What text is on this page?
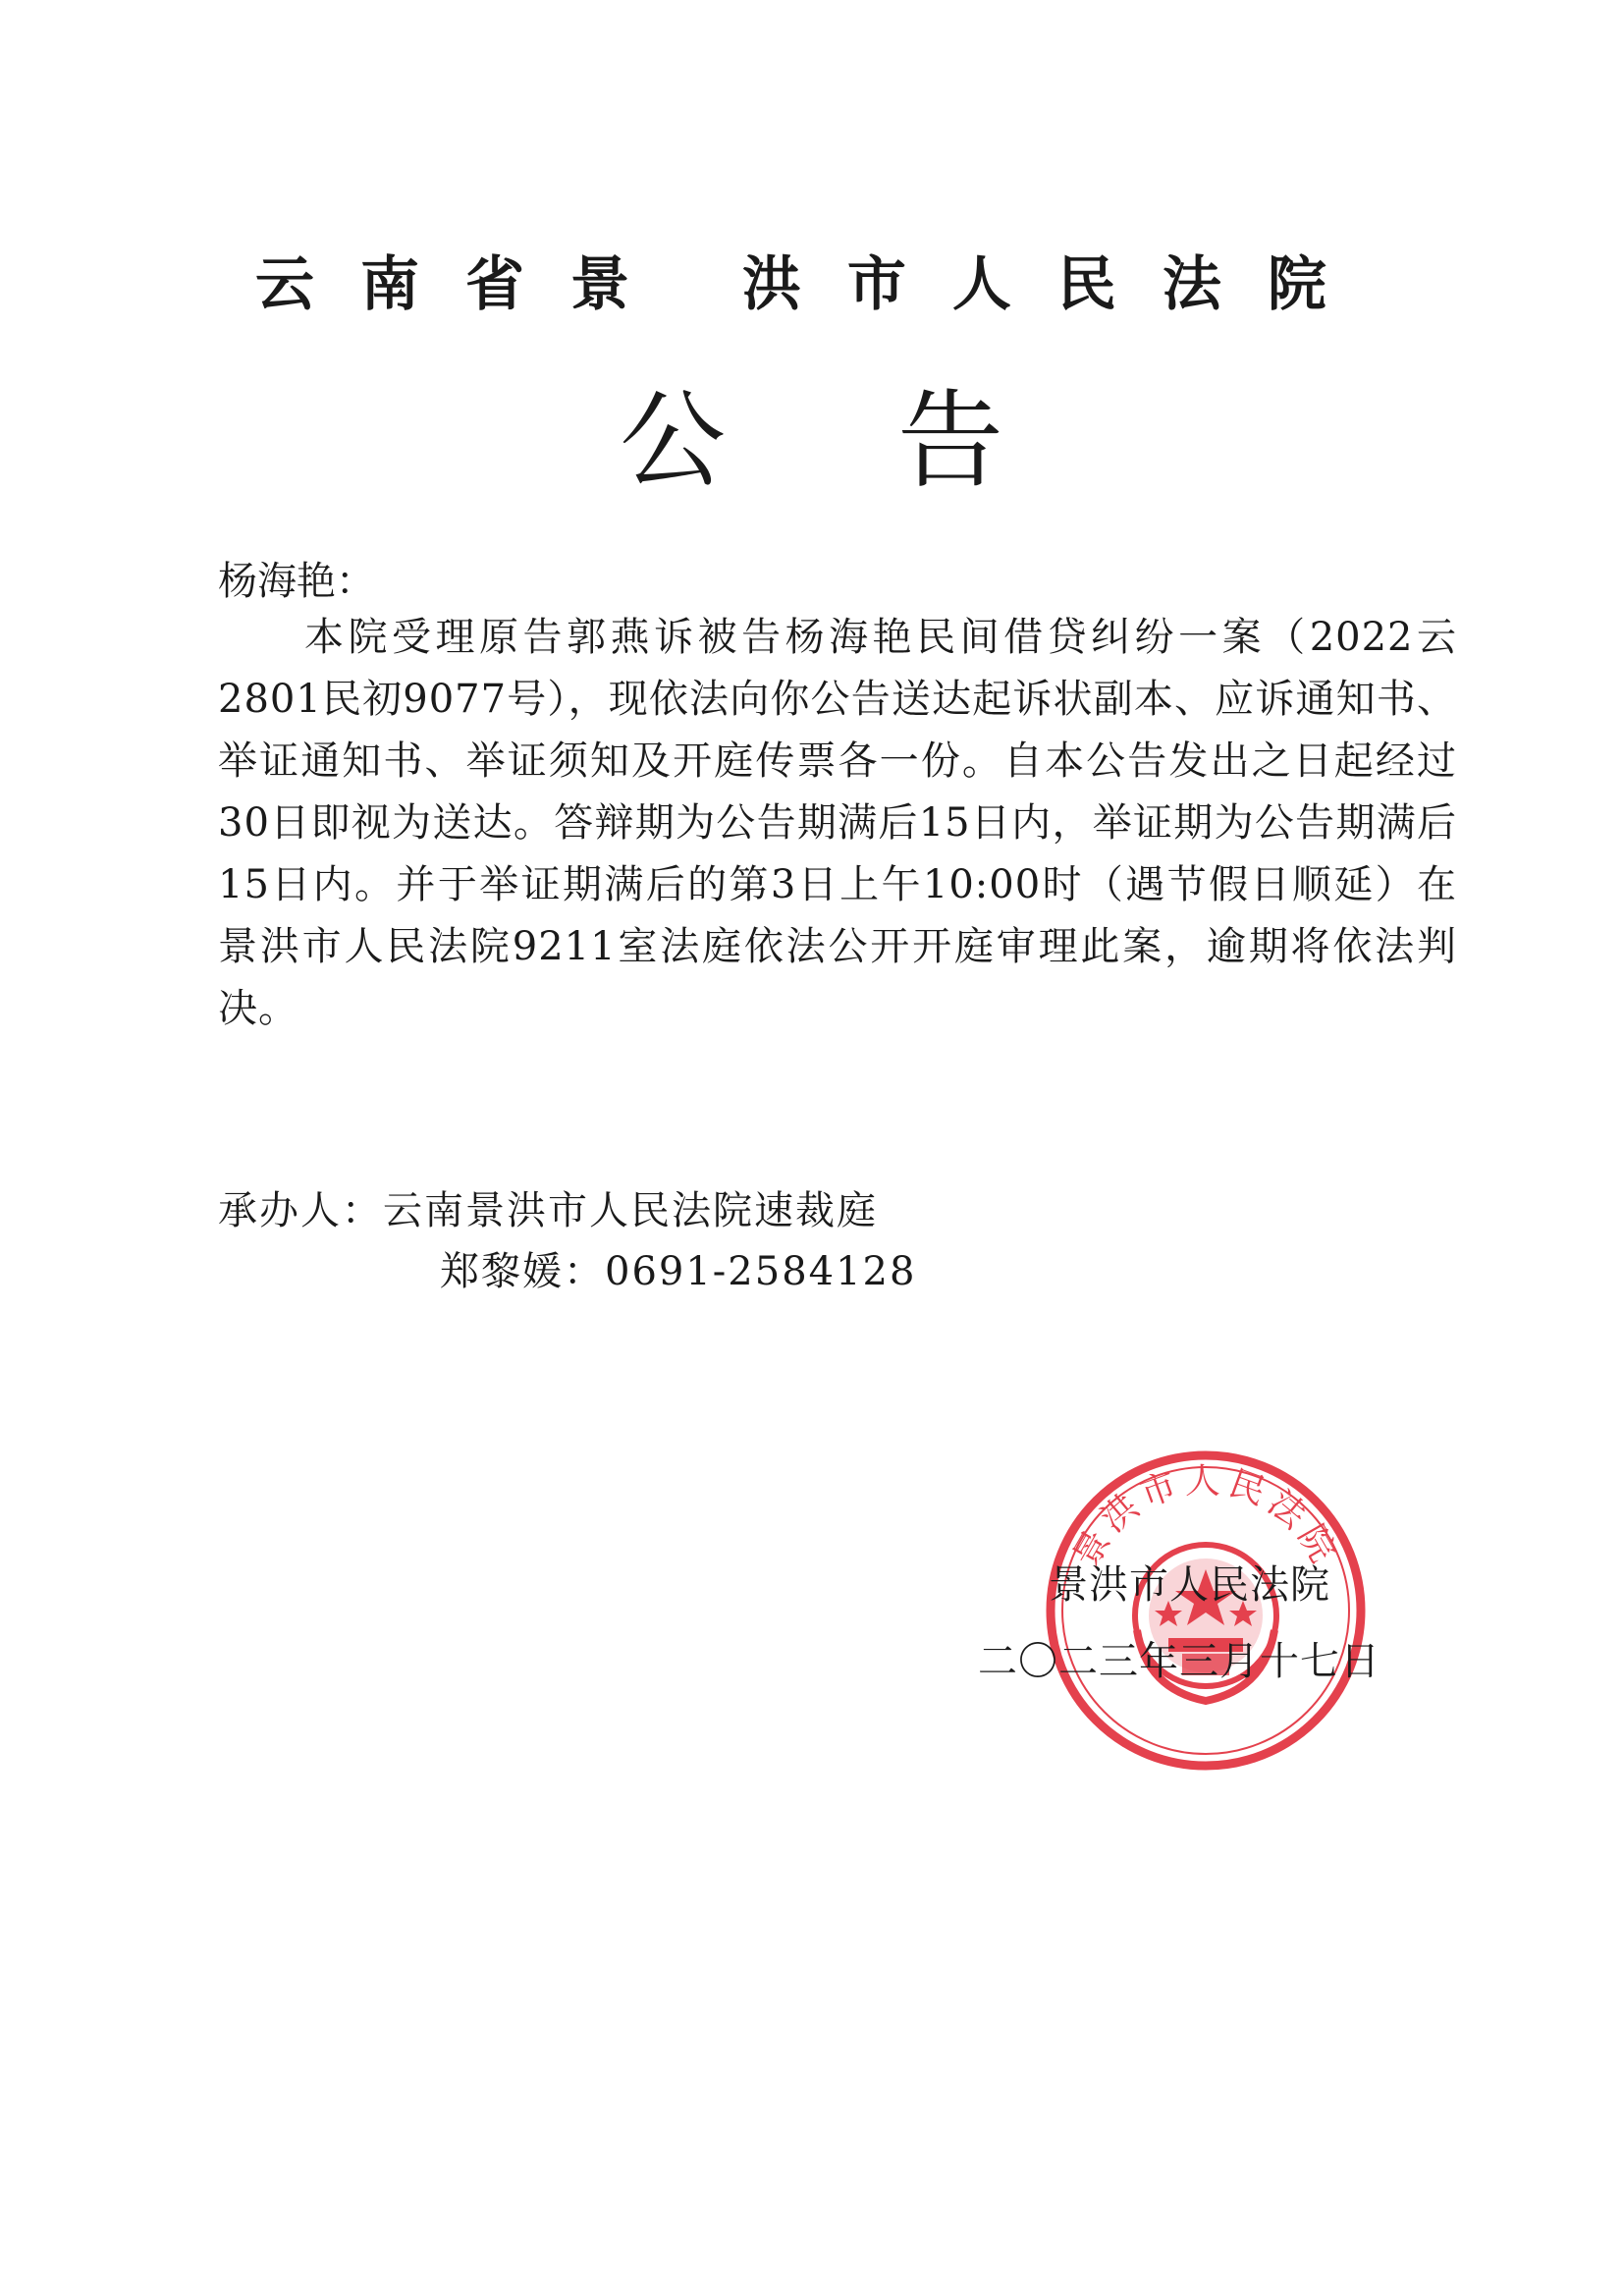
云南省景 洪市人民法院
公告
杨海艳：
本院受理原告郭燕诉被告杨海艳民间借贷纠纷一案（2022云2801民初9077号），现依法向你公告送达起诉状副本、应诉通知书、举证通知书、举证须知及开庭传票各一份。自本公告发出之日起经过30日即视为送达。答辩期为公告期满后15日内，举证期为公告期满后15日内。并于举证期满后的第3日上午10:00时（遇节假日顺延）在景洪市人民法院9211室法庭依法公开开庭审理此案，逾期将依法判决。
承办人：云南景洪市人民法院速裁庭
郑黎媛：0691-2584128
景洪市人民法院
景洪市人民法院
二〇二三年三月十七日
